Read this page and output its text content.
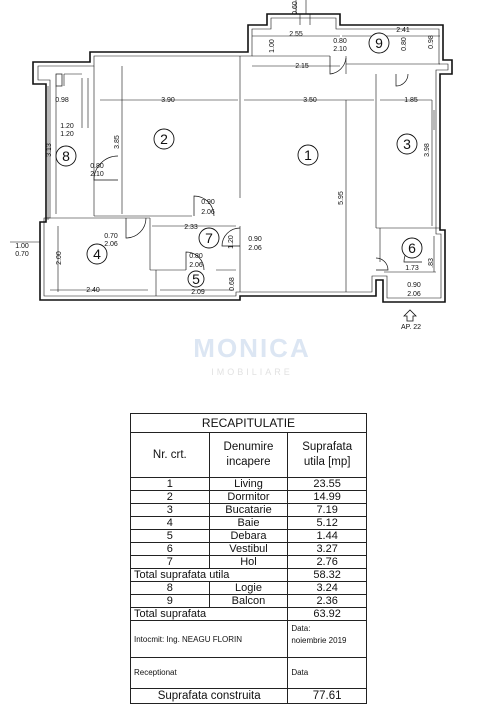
1
2	3
4
5
6
7
8
9
2.55
2.41
0.80
2.10
1.00	0.80	0.98
2.15
0.98	3.90	3.50	1.85
1.20
1.20
3.13
3.85
5.95
3.98
0.80
2.10
0.90
2.06
0.70
2.06
2.33
1.20 0.90
2.06
1.00
0.70	2.00	0.80
2.06
0.68
2.40	2.09
1.73
.83
0.90
2.06
0.60
AP. 22
MONICA
IMOBILIARE
RECAPITULATIE		
Nr. crt.	Denumire incapere	Suprafata utila [mp]
1	Living	23.55
2	Dormitor	14.99
3	Bucatarie	7.19
4	Baie	5.12
5	Debara	1.44
6	Vestibul	3.27
7	Hol	2.76
Total suprafata utila		58.32
8	Logie	3.24
9	Balcon	2.36
Total suprafata		63.92
Intocmit: Ing. NEAGU FLORIN		Data:
noiembrie 2019

Receptionat		Data
Suprafata construita		77.61
